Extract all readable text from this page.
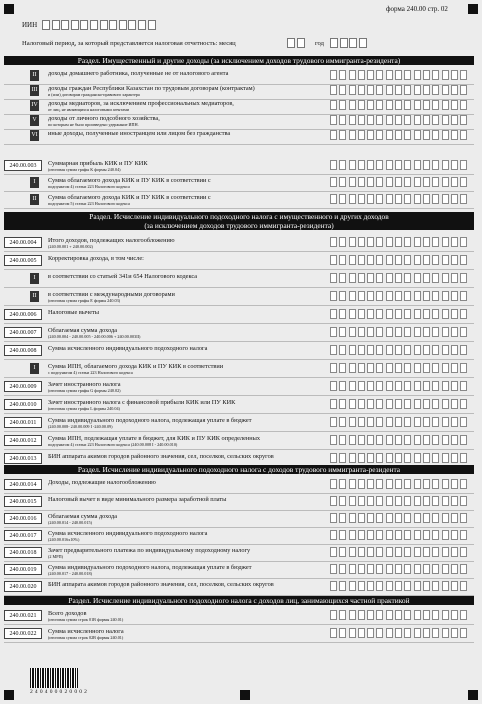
форма 240.00 стр. 02
ИИН
Налоговый период, за который представляется налоговая отчетность: месяц	год
Раздел. Имущественный и другие доходы (за исключением доходов трудового иммигранта-резидента)
II	доходы домашнего работника, полученные не от налогового агента
III доходы граждан Республики Казахстан по трудовым договорам (контрактам)
и (или) договорам гражданско-правового характера
IV доходы медиаторов, за исключением профессиональных медиаторов,
от лиц, не являющихся налоговыми агентами
V	доходы от личного подсобного хозяйства,
по которым не было произведено удержание ИПН.
VI иные доходы, полученные иностранцем или лицом без гражданства
240.00.003	Суммарная прибыль КИК и ПУ КИК
(итоговая сумма графы K формы 240.04)
I	Сумма облагаемого дохода КИК и ПУ КИК в соответствии с
подпунктом 4) статьи 223 Налогового кодекса
II	Сумма облагаемого дохода КИК и ПУ КИК в соответствии с
подпунктом 5) статьи 223 Налогового кодекса
Раздел. Исчисление индивидуального подоходного налога с имущественного и других доходов
(за исключением доходов трудового иммигранта-резидента)
240.00.004	Итого доходов, подлежащих налогообложению
(240.00.001 + 240.00.002)
240.00.005	Корректировка дохода, в том числе:
I	в соответствии со статьей 341и 654 Налогового кодекса
II	в соответствии с международными договорами
(итоговая сумма графы E формы 240.03)
240.00.006	Налоговые вычеты
240.00.007	Облагаемая сумма дохода
(240.00.004 - 240.00.005 - 240.00.006 + 240.00.003II)
240.00.008	Сумма исчисленного индивидуального подоходного налога
I	Сумма ИПН, облагаемого дохода КИК и ПУ КИК в соответствии
с подпунктом 4) статьи 223 Налогового кодекса
240.00.009	Зачет иностранного налога
(итоговая сумма графы G формы 240.02)
240.00.010	Зачет иностранного налога с финансовой прибыли КИК или ПУ КИК
(итоговая сумма графы L формы 240.04)
240.00.011	Сумма индивидуального подоходного налога, подлежащая уплате в бюджет
(240.00.008- 240.00.009 I -240.00.09)
240.00.012	Сумма ИПН, подлежащая уплате в бюджет, для КИК и ПУ КИК определенных
подпунктом 4) статьи 223 Налогового кодекса (240.00.008 I - 240.00.010)
240.00.013	БИН аппарата акимов городов районного значения, сел, поселков, сельских округов
Раздел. Исчисление индивидуального подоходного налога с доходов трудового иммигранта-резидента
240.00.014	Доходы, подлежащие налогообложению
240.00.015	Налоговый вычет в виде минимального размера заработной платы
240.00.016	Облагаемая сумма дохода
(240.00.014 - 240.00.015)
240.00.017	Сумма исчисленного индивидуального подоходного налога
(240.00.016x10%)
240.00.018	Зачет предварительного платежа по индивидуальному подоходному налогу
(2 МРП)
240.00.019	Сумма индивидуального подоходного налога, подлежащая уплате в бюджет
(240.00.017 - 240.00.018)
240.00.020	БИН аппарата акимов городов районного значения, сел, поселков, сельских округов
Раздел. Исчисление индивидуального подоходного налога с доходов лиц, занимающихся частной практикой
240.00.021	Всего доходов
(итоговая сумма строк 01B формы 240.01)
240.00.022	Сумма исчисленного налога
(итоговая сумма строк 02B формы 240.01)
2 4 0 4 0 0 0 2 0 0 0 2
